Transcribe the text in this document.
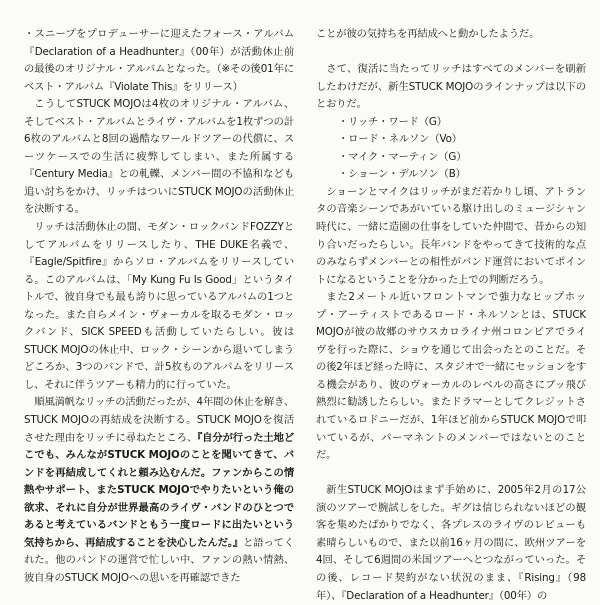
・スニープをプロデューサーに迎えたフォース・アルバム『Declaration of a Headhunter』（00年）が活動休止前の最後のオリジナル・アルバムとなった。（※その後01年にベスト・アルバム『Violate This』をリリース）

こうしてSTUCK MOJOは4枚のオリジナル・アルバム、そしてベスト・アルバムとライヴ・アルバムを1枚ずつの計6枚のアルバムと8回の過酷なワールドツアーの代償に、スーツケースでの生活に疲弊してしまい、また所属する『Century Media』との軋轢、メンバー間の不協和なども追い討ちをかけ、リッチはついにSTUCK MOJOの活動休止を決断する。

リッチは活動休止の間、モダン・ロックバンドFOZZYとしてアルバムをリリースしたり、THE DUKE名義で、『Eagle/Spitfire』からソロ・アルバムをリリースしている。このアルバムは、「My Kung Fu Is Good」というタイトルで、彼自身でも最も誇りに思っているアルバムの1つとなった。また自らメイン・ヴォーカルを取るモダン・ロックバンド、SICK SPEEDも活動していたらしい。彼はSTUCK MOJOの休止中、ロック・シーンから退いてしまうどころか、3つのバンドで、計5枚ものアルバムをリリースし、それに伴うツアーも精力的に行っていた。

順風満帆なリッチの活動だったが、4年間の休止を解き、STUCK MOJOの再結成を決断する。STUCK MOJOを復活させた理由をリッチに尋ねたところ、『自分が行った土地どこでも、みんながSTUCK MOJOのことを聞いてきて、バンドを再結成してくれと頼み込むんだ。ファンからこの情熱やサポート、またSTUCK MOJOでやりたいという俺の欲求、それに自分が世界最高のライヴ・バンドのひとつであると考えているバンドともう一度ロードに出たいという気持ちから、再結成することを決心したんだ。』と語ってくれた。他のバンドの運営で忙しい中、ファンの熱い情熱、彼自身のSTUCK MOJOへの思いを再確認できた

ことが彼の気持ちを再結成へと動かしたようだ。

さて、復活に当たってリッチはすべてのメンバーを刷新したわけだが、新生STUCK MOJOのラインナップは以下のとおりだ。

・リッチ・ワード（G）
・ロード・ネルソン（Vo）
・マイク・マーティン（G）
・ショーン・デルソン（B）

ショーンとマイクはリッチがまだ若かりし頃、アトランタの音楽シーンであがいている駆け出しのミュージシャン時代に、一緒に造園の仕事をしていた仲間で、昔からの知り合いだったらしい。長年バンドをやってきて技術的な点のみならずメンバーとの相性がバンド運営においてポイントになるということを分かった上での判断だろう。

また2メートル近いフロントマンで強力なヒップホップ・アーティストであるロード・ネルソンとは、STUCK MOJOが彼の故郷のサウスカロライナ州コロンビアでライヴを行った際に、ショウを通じて出会ったとのことだ。その後2年ほど経った時に、スタジオで一緒にセッションをする機会があり、彼のヴォーカルのレベルの高さにブッ飛び熱烈に勧誘したらしい。またドラマーとしてクレジットされているロドニーだが、1年ほど前からSTUCK MOJOで叩いているが、パーマネントのメンバーではないとのことだ。

新生STUCK MOJOはまず手始めに、2005年2月の17公演のツアーで腕試しをした。ギグは信じられないほどの観客を集めたばかりでなく、各プレスのライヴのレビューも素晴らしいもので、また以前16ヶ月の間に、欧州ツアーを4回、そして6週間の米国ツアーへとつながっていった。その後、レコード契約がない状況のまま、『Rising』（98年）、『Declaration of a Headhunter』（00年）の
